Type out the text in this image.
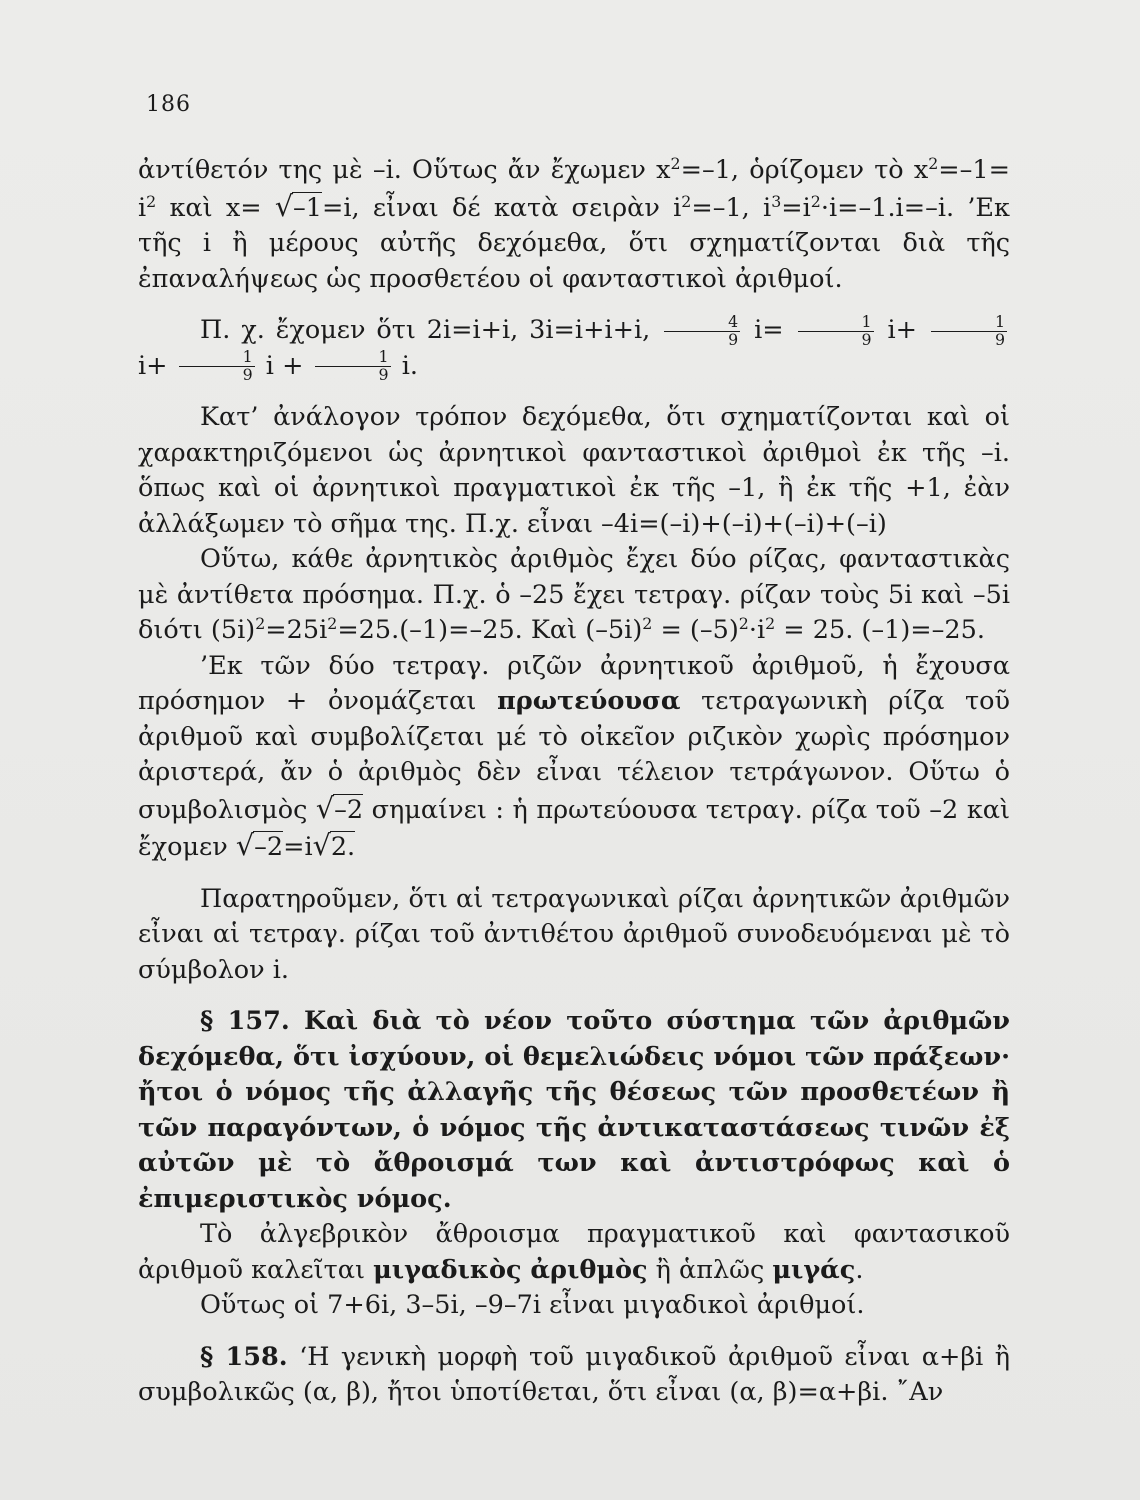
186

ἀντίθετόν της μὲ –i. Οὕτως ἄν ἔχωμεν $x^2=-1$, ὁρίζομεν τὸ $x^2=-1= i^2$ καὶ x= √–1=i, εἶναι δέ κατὰ σειρὰν $i^2=-1$, $i^3=i^2\cdot i=-1.i=-i$. ’Εκ τῆς i ἢ μέρους αὐτῆς δεχόμεθα, ὅτι σχηματίζονται διὰ τῆς ἐπαναλήψεως ὡς προσθετέου οἱ φανταστικοὶ ἀριθμοί.

Π. χ. ἔχομεν ὅτι 2i=i+i, 3i=i+i+i, $\frac{4}{9} i= \frac{1}{9} i+ \frac{1}{9}$
$i+ \frac{1}{9}$ $i + \frac{1}{9} i$.

Κατ’ ἀνάλογον τρόπον δεχόμεθα, ὅτι σχηματίζονται καὶ οἱ χαρακτηριζόμενοι ὡς ἀρνητικοὶ φανταστικοὶ ἀριθμοὶ ἐκ τῆς –i. ὅπως καὶ οἱ ἀρνητικοὶ πραγματικοὶ ἐκ τῆς –1, ἢ ἐκ τῆς +1, ἐὰν ἀλλάξωμεν τὸ σῆμα της. Π.χ. εἶναι –4i=(–i)+(–i)+(–i)+(–i)

Οὕτω, κάθε ἀρνητικὸς ἀριθμὸς ἔχει δύο ρίζας, φανταστικὰς μὲ ἀντίθετα πρόσημα. Π.χ. ὁ –25 ἔχει τετραγ. ρίζαν τοὺς 5i καὶ –5i διότι $(5i)^2=25i^2=25.(-1)=-25$. Καὶ $(-5i)^2 = (-5)^2\cdot i^2 = 25$. (–1)=–25.

’Εκ τῶν δύο τετραγ. ριζῶν ἀρνητικοῦ ἀριθμοῦ, ἡ ἔχουσα πρόσημον + ὀνομάζεται πρωτεύουσα τετραγωνικὴ ρίζα τοῦ ἀριθμοῦ καὶ συμβολίζεται μέ τὸ οἰκεῖον ριζικὸν χωρὶς πρόσημον ἀριστερά, ἄν ὁ ἀριθμὸς δὲν εἶναι τέλειον τετράγωνον. Οὕτω ὁ συμβολισμὸς √–2 σημαίνει : ἡ πρωτεύουσα τετραγ. ρίζα τοῦ –2 καὶ ἔχομεν √–2=i√2.

Παρατηροῦμεν, ὅτι αἱ τετραγωνικαὶ ρίζαι ἀρνητικῶν ἀριθμῶν εἶναι αἱ τετραγ. ρίζαι τοῦ ἀντιθέτου ἀριθμοῦ συνοδευόμεναι μὲ τὸ σύμβολον i.

§ 157. Καὶ διὰ τὸ νέον τοῦτο σύστημα τῶν ἀριθμῶν δεχόμεθα, ὅτι ἰσχύουν, οἱ θεμελιώδεις νόμοι τῶν πράξεων· ἤτοι ὁ νόμος τῆς ἀλλαγῆς τῆς θέσεως τῶν προσθετέων ἢ τῶν παραγόντων, ὁ νόμος τῆς ἀντικαταστάσεως τινῶν ἐξ αὐτῶν μὲ τὸ ἄθροισμά των καὶ ἀντιστρόφως καὶ ὁ ἐπιμεριστικὸς νόμος.

Τὸ ἀλγεβρικὸν ἄθροισμα πραγματικοῦ καὶ φαντασικοῦ ἀριθμοῦ καλεῖται μιγαδικὸς ἀριθμὸς ἢ ἁπλῶς μιγάς.

Οὕτως οἱ 7+6i, 3–5i, –9–7i εἶναι μιγαδικοὶ ἀριθμοί.

§ 158. ‘Η γενικὴ μορφὴ τοῦ μιγαδικοῦ ἀριθμοῦ εἶναι α+βi ἢ συμβολικῶς (α, β), ἤτοι ὑποτίθεται, ὅτι εἶναι (α, β)=α+βi. ῎Αν
